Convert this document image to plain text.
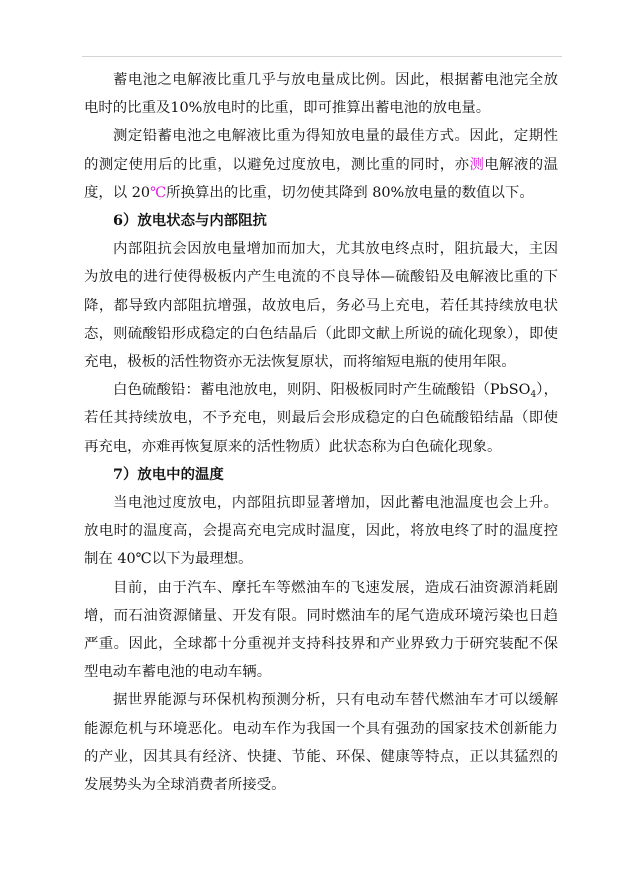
蓄电池之电解液比重几乎与放电量成比例。因此，根据蓄电池完全放电时的比重及10%放电时的比重，即可推算出蓄电池的放电量。

测定铅蓄电池之电解液比重为得知放电量的最佳方式。因此，定期性的测定使用后的比重，以避免过度放电，测比重的同时，亦测电解液的温度，以 20℃所换算出的比重，切勿使其降到 80%放电量的数值以下。

6）放电状态与内部阻抗

内部阻抗会因放电量增加而加大，尤其放电终点时，阻抗最大，主因为放电的进行使得极板内产生电流的不良导体—硫酸铅及电解液比重的下降，都导致内部阻抗增强，故放电后，务必马上充电，若任其持续放电状态，则硫酸铅形成稳定的白色结晶后（此即文献上所说的硫化现象），即使充电，极板的活性物资亦无法恢复原状，而将缩短电瓶的使用年限。

白色硫酸铅：蓄电池放电，则阴、阳极板同时产生硫酸铅（PbSO$_4$），若任其持续放电，不予充电，则最后会形成稳定的白色硫酸铅结晶（即使再充电，亦难再恢复原来的活性物质）此状态称为白色硫化现象。

7）放电中的温度

当电池过度放电，内部阻抗即显著增加，因此蓄电池温度也会上升。放电时的温度高，会提高充电完成时温度，因此，将放电终了时的温度控制在 40℃以下为最理想。

目前，由于汽车、摩托车等燃油车的飞速发展，造成石油资源消耗剧增，而石油资源储量、开发有限。同时燃油车的尾气造成环境污染也日趋严重。因此，全球都十分重视并支持科技界和产业界致力于研究装配不保型电动车蓄电池的电动车辆。

据世界能源与环保机构预测分析，只有电动车替代燃油车才可以缓解能源危机与环境恶化。电动车作为我国一个具有强劲的国家技术创新能力的产业，因其具有经济、快捷、节能、环保、健康等特点，正以其猛烈的发展势头为全球消费者所接受。
